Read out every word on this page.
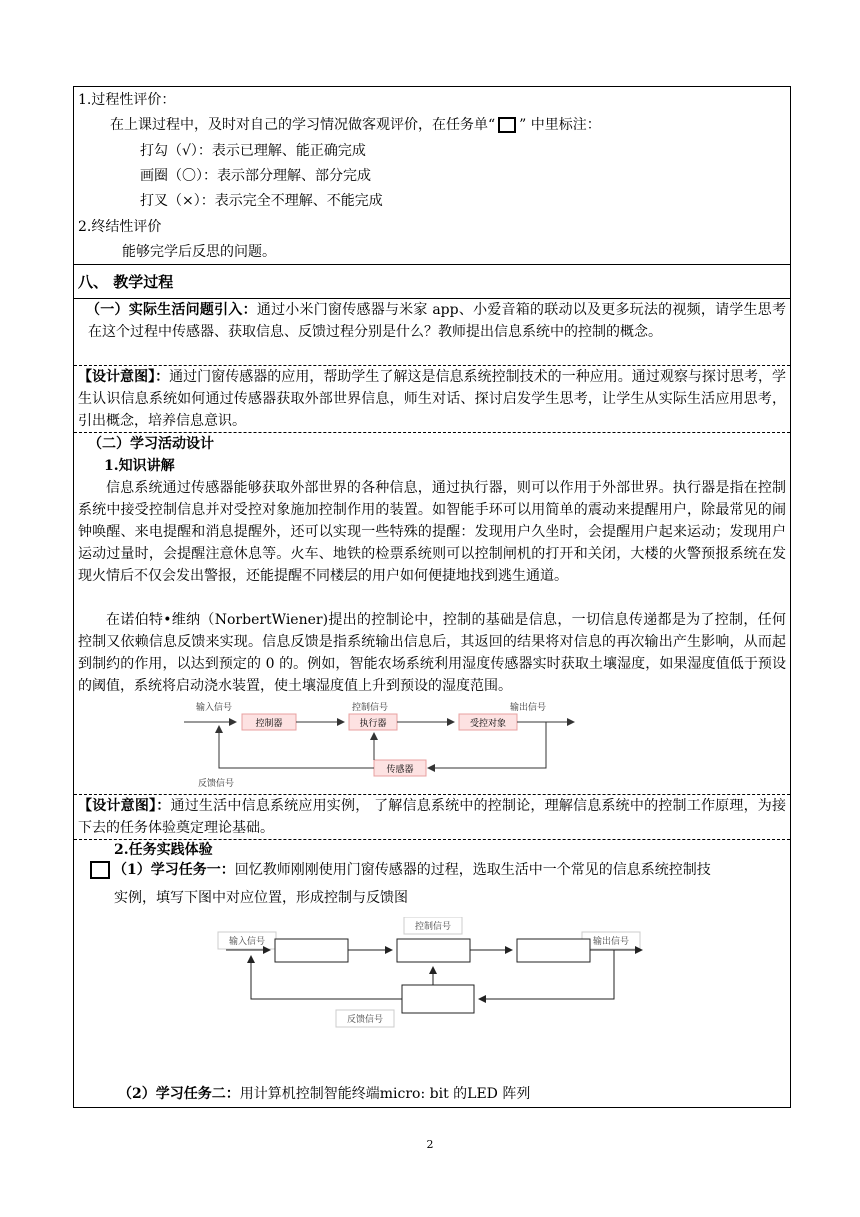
1.过程性评价：
在上课过程中，及时对自己的学习情况做客观评价，在任务单“ ” 中里标注：
打勾（√）：表示已理解、能正确完成
画圈（〇）：表示部分理解、部分完成
打叉（×）：表示完全不理解、不能完成
2.终结性评价
能够完学后反思的问题。
八、 教学过程
（一）实际生活问题引入：通过小米门窗传感器与米家 app、小爱音箱的联动以及更多玩法的视频，请学生思考在这个过程中传感器、获取信息、反馈过程分别是什么？教师提出信息系统中的控制的概念。
【设计意图】：通过门窗传感器的应用，帮助学生了解这是信息系统控制技术的一种应用。通过观察与探讨思考，学生认识信息系统如何通过传感器获取外部世界信息，师生对话、探讨启发学生思考，让学生从实际生活应用思考，引出概念，培养信息意识。
（二）学习活动设计
1.知识讲解
信息系统通过传感器能够获取外部世界的各种信息，通过执行器，则可以作用于外部世界。执行器是指在控制系统中接受控制信息并对受控对象施加控制作用的装置。如智能手环可以用简单的震动来提醒用户，除最常见的闹钟唤醒、来电提醒和消息提醒外，还可以实现一些特殊的提醒：发现用户久坐时，会提醒用户起来运动；发现用户运动过量时，会提醒注意休息等。火车、地铁的检票系统则可以控制闸机的打开和关闭，大楼的火警预报系统在发现火情后不仅会发出警报，还能提醒不同楼层的用户如何便捷地找到逃生通道。
在诺伯特•维纳（NorbertWiener)提出的控制论中，控制的基础是信息，一切信息传递都是为了控制，任何控制又依赖信息反馈来实现。信息反馈是指系统输出信息后，其返回的结果将对信息的再次输出产生影响，从而起到制约的作用，以达到预定的 0 的。例如，智能农场系统利用湿度传感器实时获取土壤湿度，如果湿度值低于预设的阈值，系统将启动浇水装置，使土壤湿度值上升到预设的湿度范围。
输入信号	控制信号	输出信号
控制器	执行器	受控对象
传感器
反馈信号
【设计意图】：通过生活中信息系统应用实例， 了解信息系统中的控制论，理解信息系统中的控制工作原理，为接下去的任务体验奠定理论基础。
2.任务实践体验
（1）学习任务一：回忆教师刚刚使用门窗传感器的过程，选取生活中一个常见的信息系统控制技
实例，填写下图中对应位置，形成控制与反馈图
输入信号
控制信号
输出信号
反馈信号
（2）学习任务二：用计算机控制智能终端micro: bit 的LED 阵列
2
